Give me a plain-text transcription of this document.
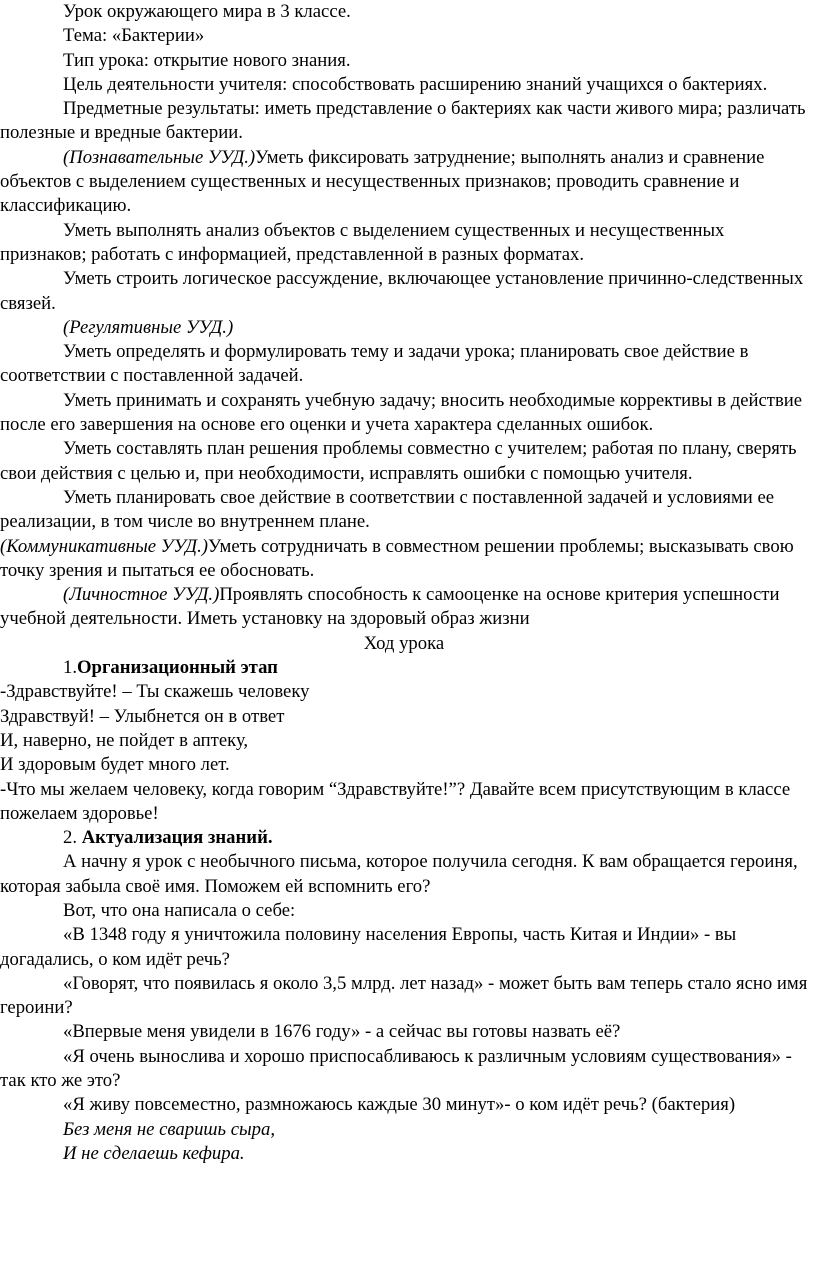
Урок окружающего мира в 3 классе.

Тема: «Бактерии»

Тип урока: открытие нового знания.

Цель деятельности учителя: способствовать расширению знаний учащихся о бактериях.

Предметные результаты: иметь представление о бактериях как части живого мира; различать полезные и вредные бактерии.

(Познавательные УУД.)Уметь фиксировать затруднение; выполнять анализ и сравнение объектов с выделением существенных и несущественных признаков; проводить сравнение и классификацию.

Уметь выполнять анализ объектов с выделением существенных и несущественных признаков; работать с информацией, представленной в разных форматах.

Уметь строить логическое рассуждение, включающее установление причинно-следственных связей.

(Регулятивные УУД.)

Уметь определять и формулировать тему и задачи урока; планировать свое действие в соответствии с поставленной задачей.

Уметь принимать и сохранять учебную задачу; вносить необходимые коррективы в действие после его завершения на основе его оценки и учета характера сделанных ошибок.

Уметь составлять план решения проблемы совместно с учителем; работая по плану, сверять свои действия с целью и, при необходимости, исправлять ошибки с помощью учителя.

Уметь планировать свое действие в соответствии с поставленной задачей и условиями ее реализации, в том числе во внутреннем плане.

(Коммуникативные УУД.)Уметь сотрудничать в совместном решении проблемы; высказывать свою точку зрения и пытаться ее обосновать.

(Личностное УУД.)Проявлять способность к самооценке на основе критерия успешности учебной деятельности. Иметь установку на здоровый образ жизни

Ход урока

1.Организационный этап

-Здравствуйте! – Ты скажешь человеку

Здравствуй! – Улыбнется он в ответ

И, наверно, не пойдет в аптеку,

И здоровым будет много лет.

-Что мы желаем человеку, когда говорим “Здравствуйте!”? Давайте всем присутствующим в классе пожелаем здоровье!

2. Актуализация знаний.

А начну я урок с необычного письма, которое получила сегодня. К вам обращается героиня, которая забыла своё имя. Поможем ей вспомнить его?

Вот, что она написала о себе:

«В 1348 году я уничтожила половину населения Европы, часть Китая и Индии» - вы догадались, о ком идёт речь?

«Говорят, что появилась я около 3,5 млрд. лет назад» - может быть вам теперь стало ясно имя героини?

«Впервые меня увидели в 1676 году» - а сейчас вы готовы назвать её?

«Я очень вынослива и хорошо приспосабливаюсь к различным условиям существования» - так кто же это?

«Я живу повсеместно, размножаюсь каждые 30 минут»- о ком идёт речь? (бактерия)

Без меня не сваришь сыра,

И не сделаешь кефира.
